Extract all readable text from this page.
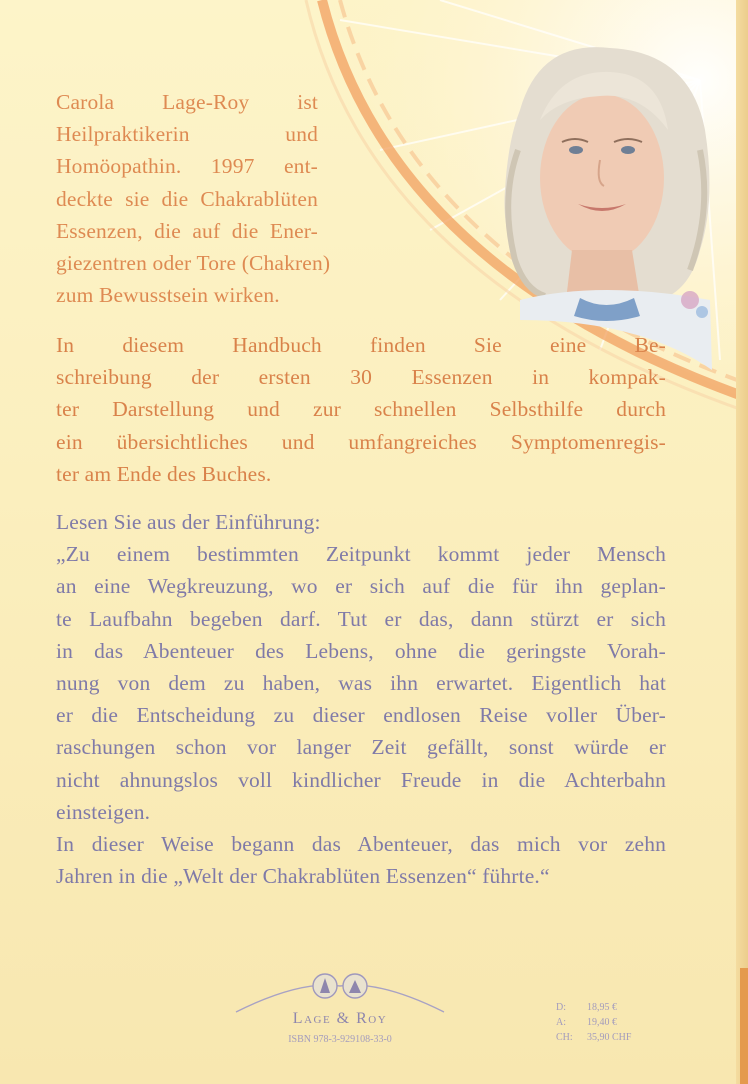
Carola Lage-Roy ist
Heilpraktikerin und
Homöopathin. 1997 ent-
deckte sie die Chakrablüten
Essenzen, die auf die Ener-
giezentren oder Tore (Chakren)
zum Bewusstsein wirken.
In diesem Handbuch finden Sie eine Be-
schreibung der ersten 30 Essenzen in kompak-
ter Darstellung und zur schnellen Selbsthilfe durch
ein übersichtliches und umfangreiches Symptomenregis-
ter am Ende des Buches.
Lesen Sie aus der Einführung:
„Zu einem bestimmten Zeitpunkt kommt jeder Mensch
an eine Wegkreuzung, wo er sich auf die für ihn geplan-
te Laufbahn begeben darf. Tut er das, dann stürzt er sich
in das Abenteuer des Lebens, ohne die geringste Vorah-
nung von dem zu haben, was ihn erwartet. Eigentlich hat
er die Entscheidung zu dieser endlosen Reise voller Über-
raschungen schon vor langer Zeit gefällt, sonst würde er
nicht ahnungslos voll kindlicher Freude in die Achterbahn
einsteigen.
In dieser Weise begann das Abenteuer, das mich vor zehn
Jahren in die „Welt der Chakrablüten Essenzen“ führte.“
Lage & Roy
ISBN 978-3-929108-33-0
D: 18,95 €
A: 19,40 €
CH: 35,90 CHF
